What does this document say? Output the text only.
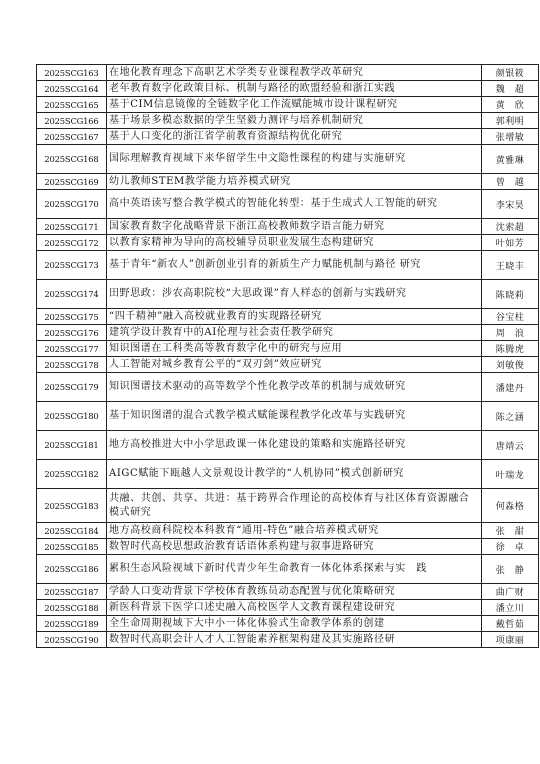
2025SCG163	在地化教育理念下高职艺术学类专业课程教学改革研究	颜银筱
2025SCG164	老年教育数字化政策目标、机制与路径的欧盟经验和浙江实践	魏　超
2025SCG165	基于CIM信息镜像的全链数字化工作流赋能城市设计课程研究	黄　欣
2025SCG166	基于场景多模态数据的学生坚毅力测评与培养机制研究	郭利明
2025SCG167	基于人口变化的浙江省学前教育资源结构优化研究	张增敏
2025SCG168	国际理解教育视域下来华留学生中文隐性课程的构建与实施研究	黄雅琳
2025SCG169	幼儿教师STEM教学能力培养模式研究	曾　越
2025SCG170	高中英语读写整合教学模式的智能化转型：基于生成式人工智能的研究	李宋昊
2025SCG171	国家教育数字化战略背景下浙江高校教师数字语言能力研究	沈索超
2025SCG172	以教育家精神为导向的高校辅导员职业发展生态构建研究	叶如芳
2025SCG173	基于青年“新农人”创新创业引育的新质生产力赋能机制与路径 研究	王晓丰
2025SCG174	田野思政：涉农高职院校“大思政课”育人样态的创新与实践研究	陈晓莉
2025SCG175	“四千精神”融入高校就业教育的实现路径研究	谷宝柱
2025SCG176	建筑学设计教育中的AI伦理与社会责任教学研究	周　浪
2025SCG177	知识图谱在工科类高等教育数字化中的研究与应用	陈腾虎
2025SCG178	人工智能对城乡教育公平的“双刃剑”效应研究	刘敏俊
2025SCG179	知识图谱技术驱动的高等数学个性化教学改革的机制与成效研究	潘建丹
2025SCG180	基于知识图谱的混合式教学模式赋能课程教学化改革与实践研究	陈之涵
2025SCG181	地方高校推进大中小学思政课一体化建设的策略和实施路径研究	唐靖云
2025SCG182	AIGC赋能下瓯越人文景观设计教学的“人机协同”模式创新研究	叶瑞龙
2025SCG183	共融、共创、共享、共进：基于跨界合作理论的高校体育与社区体育资源融合模式研究	何淼格
2025SCG184	地方高校商科院校本科教育“通用-特色”融合培养模式研究	张　甜
2025SCG185	数智时代高校思想政治教育话语体系构建与叙事进路研究	徐　卓
2025SCG186	累积生态风险视域下新时代青少年生命教育一体化体系探索与实　践	张　静
2025SCG187	学龄人口变动背景下学校体育教练员动态配置与优化策略研究	曲广财
2025SCG188	新医科背景下医学口述史融入高校医学人文教育课程建设研究	潘立川
2025SCG189	全生命周期视域下大中小一体化体验式生命教学体系的创建	戴哲茹
2025SCG190	数智时代高职会计人才人工智能素养框架构建及其实施路径研	项康丽
